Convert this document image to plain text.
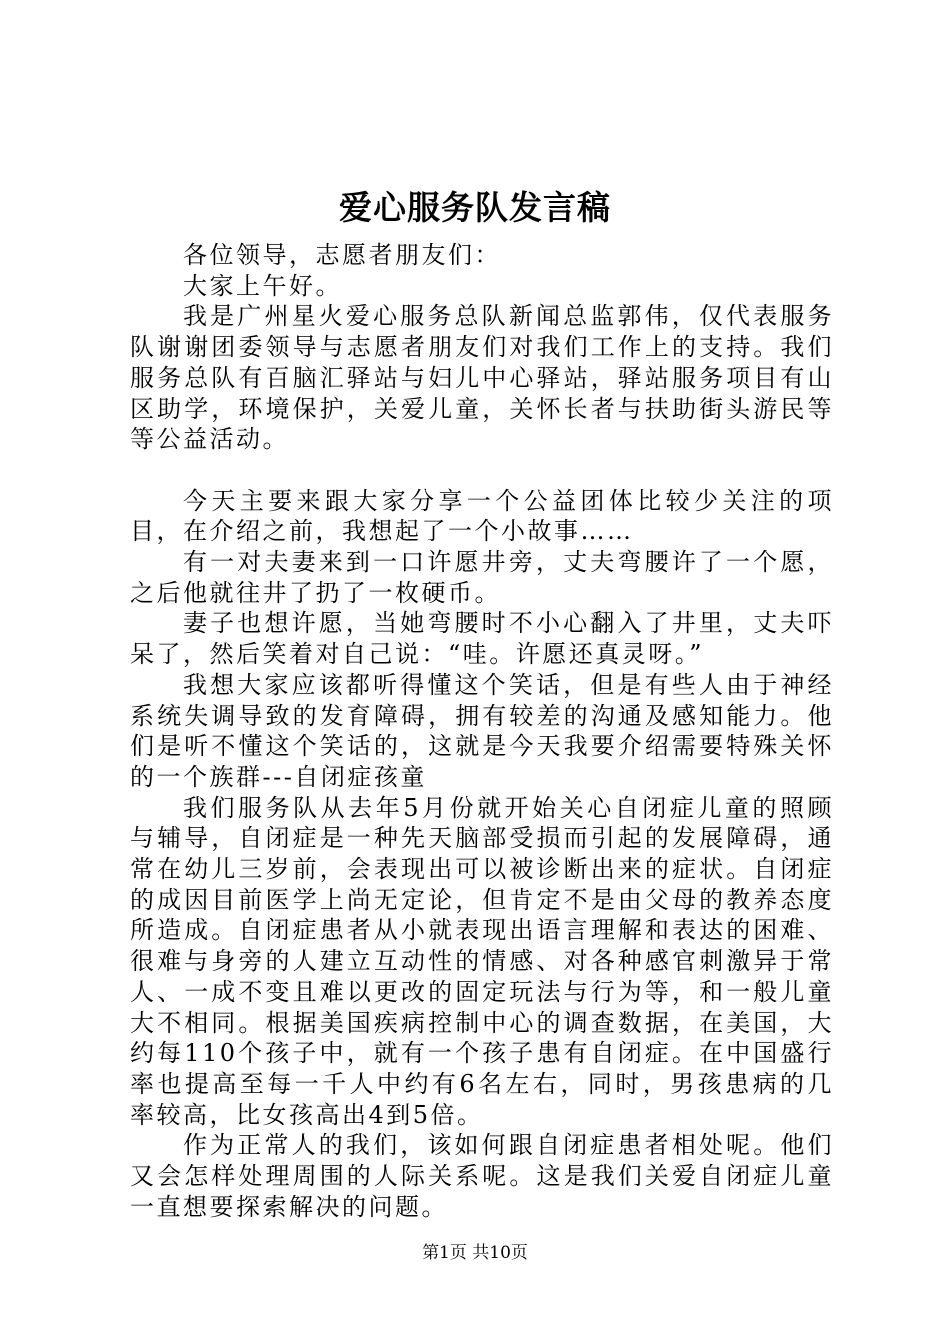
爱心服务队发言稿

各位领导，志愿者朋友们：

大家上午好。

我是广州星火爱心服务总队新闻总监郭伟，仅代表服务队谢谢团委领导与志愿者朋友们对我们工作上的支持。我们服务总队有百脑汇驿站与妇儿中心驿站，驿站服务项目有山区助学，环境保护，关爱儿童，关怀长者与扶助街头游民等等公益活动。

今天主要来跟大家分享一个公益团体比较少关注的项目，在介绍之前，我想起了一个小故事……

有一对夫妻来到一口许愿井旁，丈夫弯腰许了一个愿，之后他就往井了扔了一枚硬币。

妻子也想许愿，当她弯腰时不小心翻入了井里，丈夫吓呆了，然后笑着对自己说：“哇。许愿还真灵呀。”

我想大家应该都听得懂这个笑话，但是有些人由于神经系统失调导致的发育障碍，拥有较差的沟通及感知能力。他们是听不懂这个笑话的，这就是今天我要介绍需要特殊关怀的一个族群---自闭症孩童

我们服务队从去年5月份就开始关心自闭症儿童的照顾与辅导，自闭症是一种先天脑部受损而引起的发展障碍，通常在幼儿三岁前，会表现出可以被诊断出来的症状。自闭症的成因目前医学上尚无定论，但肯定不是由父母的教养态度所造成。自闭症患者从小就表现出语言理解和表达的困难、很难与身旁的人建立互动性的情感、对各种感官刺激异于常人、一成不变且难以更改的固定玩法与行为等，和一般儿童大不相同。根据美国疾病控制中心的调查数据，在美国，大约每110个孩子中，就有一个孩子患有自闭症。在中国盛行率也提高至每一千人中约有6名左右，同时，男孩患病的几率较高，比女孩高出4到5倍。

作为正常人的我们，该如何跟自闭症患者相处呢。他们又会怎样处理周围的人际关系呢。这是我们关爱自闭症儿童一直想要探索解决的问题。

第1页 共10页
